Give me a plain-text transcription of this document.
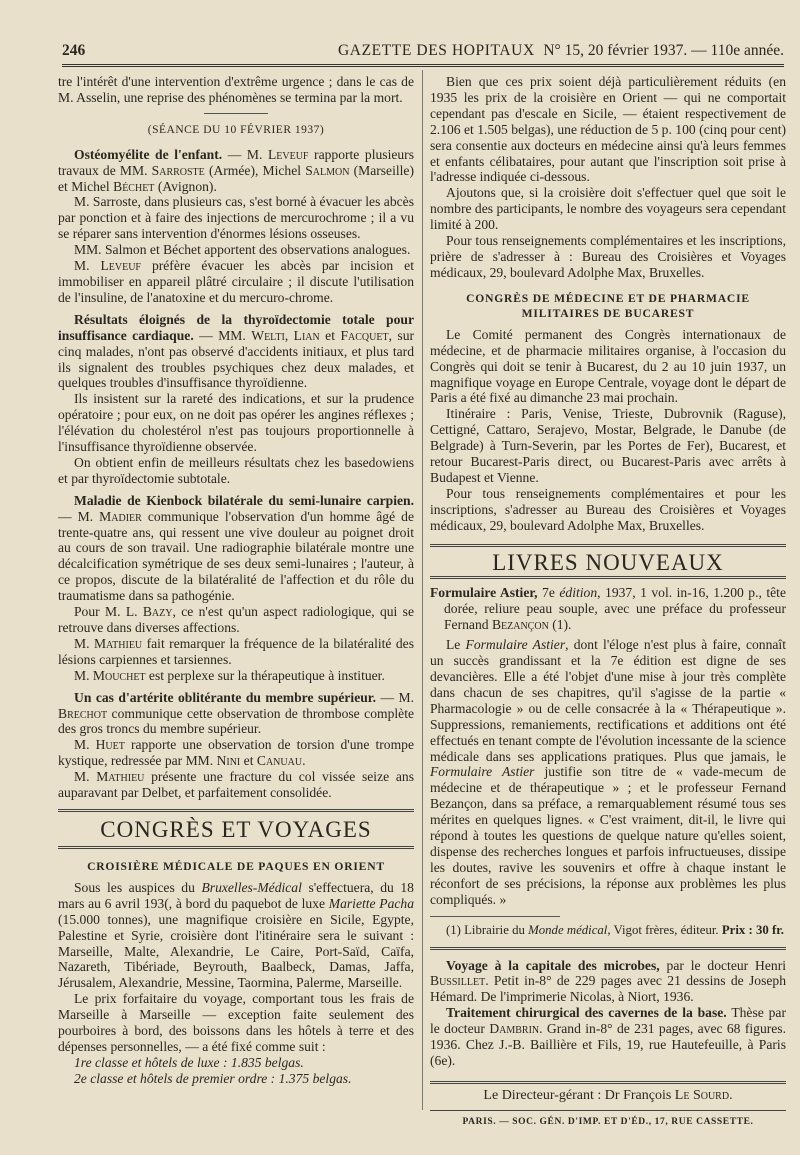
246	GAZETTE DES HOPITAUX N° 15, 20 février 1937. — 110e année.

tre l'intérêt d'une intervention d'extrême urgence ; dans le cas de M. Asselin, une reprise des phénomènes se termina par la mort.

(SÉANCE DU 10 FÉVRIER 1937)

Ostéomyélite de l'enfant. — M. Leveuf rapporte plusieurs travaux de MM. Sarroste (Armée), Michel Salmon (Marseille) et Michel Béchet (Avignon).

M. Sarroste, dans plusieurs cas, s'est borné à évacuer les abcès par ponction et à faire des injections de mercurochrome ; il a vu se réparer sans intervention d'énormes lésions osseuses.

MM. Salmon et Béchet apportent des observations analogues.

M. Leveuf préfère évacuer les abcès par incision et immobiliser en appareil plâtré circulaire ; il discute l'utilisation de l'insuline, de l'anatoxine et du mercuro-chrome.

Résultats éloignés de la thyroïdectomie totale pour insuffisance cardiaque. — MM. Welti, Lian et Facquet, sur cinq malades, n'ont pas observé d'accidents initiaux, et plus tard ils signalent des troubles psychiques chez deux malades, et quelques troubles d'insuffisance thyroïdienne.

Ils insistent sur la rareté des indications, et sur la prudence opératoire ; pour eux, on ne doit pas opérer les angines réflexes ; l'élévation du cholestérol n'est pas toujours proportionnelle à l'insuffisance thyroïdienne observée.

On obtient enfin de meilleurs résultats chez les basedowiens et par thyroïdectomie subtotale.

Maladie de Kienbock bilatérale du semi-lunaire carpien. — M. Madier communique l'observation d'un homme âgé de trente-quatre ans, qui ressent une vive douleur au poignet droit au cours de son travail. Une radiographie bilatérale montre une décalcification symétrique de ses deux semi-lunaires ; l'auteur, à ce propos, discute de la bilatéralité de l'affection et du rôle du traumatisme dans sa pathogénie.

Pour M. L. Bazy, ce n'est qu'un aspect radiologique, qui se retrouve dans diverses affections.

M. Mathieu fait remarquer la fréquence de la bilatéralité des lésions carpiennes et tarsiennes.

M. Mouchet est perplexe sur la thérapeutique à instituer.

Un cas d'artérite oblitérante du membre supérieur. — M. Brechot communique cette observation de thrombose complète des gros troncs du membre supérieur.

M. Huet rapporte une observation de torsion d'une trompe kystique, redressée par MM. Nini et Canuau.

M. Mathieu présente une fracture du col vissée seize ans auparavant par Delbet, et parfaitement consolidée.

CONGRÈS ET VOYAGES
CROISIÈRE MÉDICALE DE PAQUES EN ORIENT

Sous les auspices du Bruxelles-Médical s'effectuera, du 18 mars au 6 avril 193(, à bord du paquebot de luxe Mariette Pacha (15.000 tonnes), une magnifique croisière en Sicile, Egypte, Palestine et Syrie, croisière dont l'itinéraire sera le suivant : Marseille, Malte, Alexandrie, Le Caire, Port-Saïd, Caïfa, Nazareth, Tibériade, Beyrouth, Baalbeck, Damas, Jaffa, Jérusalem, Alexandrie, Messine, Taormina, Palerme, Marseille.

Le prix forfaitaire du voyage, comportant tous les frais de Marseille à Marseille — exception faite seulement des pourboires à bord, des boissons dans les hôtels à terre et des dépenses personnelles, — a été fixé comme suit :

1re classe et hôtels de luxe : 1.835 belgas.

2e classe et hôtels de premier ordre : 1.375 belgas.

Bien que ces prix soient déjà particulièrement réduits (en 1935 les prix de la croisière en Orient — qui ne comportait cependant pas d'escale en Sicile, — étaient respectivement de 2.106 et 1.505 belgas), une réduction de 5 p. 100 (cinq pour cent) sera consentie aux docteurs en médecine ainsi qu'à leurs femmes et enfants célibataires, pour autant que l'inscription soit prise à l'adresse indiquée ci-dessous.

Ajoutons que, si la croisière doit s'effectuer quel que soit le nombre des participants, le nombre des voyageurs sera cependant limité à 200.

Pour tous renseignements complémentaires et les inscriptions, prière de s'adresser à : Bureau des Croisières et Voyages médicaux, 29, boulevard Adolphe Max, Bruxelles.

CONGRÈS DE MÉDECINE ET DE PHARMACIE MILITAIRES DE BUCAREST

Le Comité permanent des Congrès internationaux de médecine, et de pharmacie militaires organise, à l'occasion du Congrès qui doit se tenir à Bucarest, du 2 au 10 juin 1937, un magnifique voyage en Europe Centrale, voyage dont le départ de Paris a été fixé au dimanche 23 mai prochain.

Itinéraire : Paris, Venise, Trieste, Dubrovnik (Raguse), Cettigné, Cattaro, Serajevo, Mostar, Belgrade, le Danube (de Belgrade) à Turn-Severin, par les Portes de Fer), Bucarest, et retour Bucarest-Paris direct, ou Bucarest-Paris avec arrêts à Budapest et Vienne.

Pour tous renseignements complémentaires et pour les inscriptions, s'adresser au Bureau des Croisières et Voyages médicaux, 29, boulevard Adolphe Max, Bruxelles.

LIVRES NOUVEAUX

Formulaire Astier, 7e édition, 1937, 1 vol. in-16, 1.200 p., tête dorée, reliure peau souple, avec une préface du professeur Fernand Bezançon (1).

Le Formulaire Astier, dont l'éloge n'est plus à faire, connaît un succès grandissant et la 7e édition est digne de ses devancières. Elle a été l'objet d'une mise à jour très complète dans chacun de ses chapitres, qu'il s'agisse de la partie « Pharmacologie » ou de celle consacrée à la « Thérapeutique ». Suppressions, remaniements, rectifications et additions ont été effectués en tenant compte de l'évolution incessante de la science médicale dans ses applications pratiques. Plus que jamais, le Formulaire Astier justifie son titre de « vade-mecum de médecine et de thérapeutique » ; et le professeur Fernand Bezançon, dans sa préface, a remarquablement résumé tous ses mérites en quelques lignes. « C'est vraiment, dit-il, le livre qui répond à toutes les questions de quelque nature qu'elles soient, dispense des recherches longues et parfois infructueuses, dissipe les doutes, ravive les souvenirs et offre à chaque instant le réconfort de ses précisions, la réponse aux problèmes les plus compliqués. »

(1) Librairie du Monde médical, Vigot frères, éditeur. Prix : 30 fr.

Voyage à la capitale des microbes, par le docteur Henri Bussillet. Petit in-8° de 229 pages avec 21 dessins de Joseph Hémard. De l'imprimerie Nicolas, à Niort, 1936.

Traitement chirurgical des cavernes de la base. Thèse par le docteur Dambrin. Grand in-8° de 231 pages, avec 68 figures. 1936. Chez J.-B. Baillière et Fils, 19, rue Hautefeuille, à Paris (6e).

Le Directeur-gérant : Dr François Le Sourd.
PARIS. — SOC. GÉN. D'IMP. ET D'ÉD., 17, RUE CASSETTE.
